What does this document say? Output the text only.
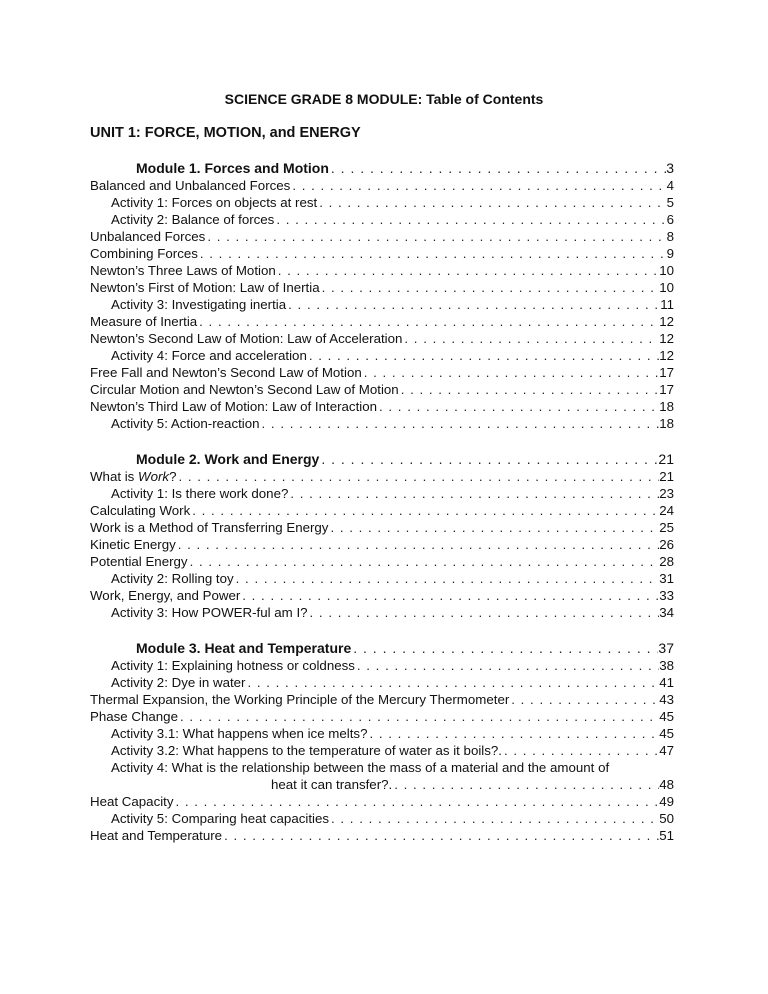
SCIENCE GRADE 8 MODULE: Table of Contents
UNIT 1: FORCE, MOTION, and ENERGY
Module 1. Forces and Motion . . .	3
Balanced and Unbalanced Forces . . .	4
Activity 1: Forces on objects at rest . . .	5
Activity 2: Balance of forces . . .	6
Unbalanced Forces . . .	8
Combining Forces . . .	9
Newton’s Three Laws of Motion . . .	10
Newton’s First of Motion: Law of Inertia . . .	10
Activity 3: Investigating inertia . . .	11
Measure of Inertia . . .	12
Newton’s Second Law of Motion: Law of Acceleration . . .	12
Activity 4: Force and acceleration . . .	12
Free Fall and Newton’s Second Law of Motion . . .	17
Circular Motion and Newton’s Second Law of Motion . . .	17
Newton’s Third Law of Motion: Law of Interaction . . .	18
Activity 5: Action-reaction . . .	18
Module 2. Work and Energy . . .	21
What is Work? . . .	21
Activity 1: Is there work done? . . .	23
Calculating Work . . .	24
Work is a Method of Transferring Energy . . .	25
Kinetic Energy . . .	26
Potential Energy . . .	28
Activity 2: Rolling toy . . .	31
Work, Energy, and Power . . .	33
Activity 3: How POWER-ful am I? . . .	34
Module 3. Heat and Temperature . . .	37
Activity 1: Explaining hotness or coldness . . .	38
Activity 2: Dye in water . . .	41
Thermal Expansion, the Working Principle of the Mercury Thermometer . . .	43
Phase Change . . .	45
Activity 3.1: What happens when ice melts? . . .	45
Activity 3.2: What happens to the temperature of water as it boils?. . . .	47
Activity 4: What is the relationship between the mass of a material and the amount of
heat it can transfer?. . . .	48
Heat Capacity . . .	49
Activity 5: Comparing heat capacities . . .	50
Heat and Temperature . . .	51
